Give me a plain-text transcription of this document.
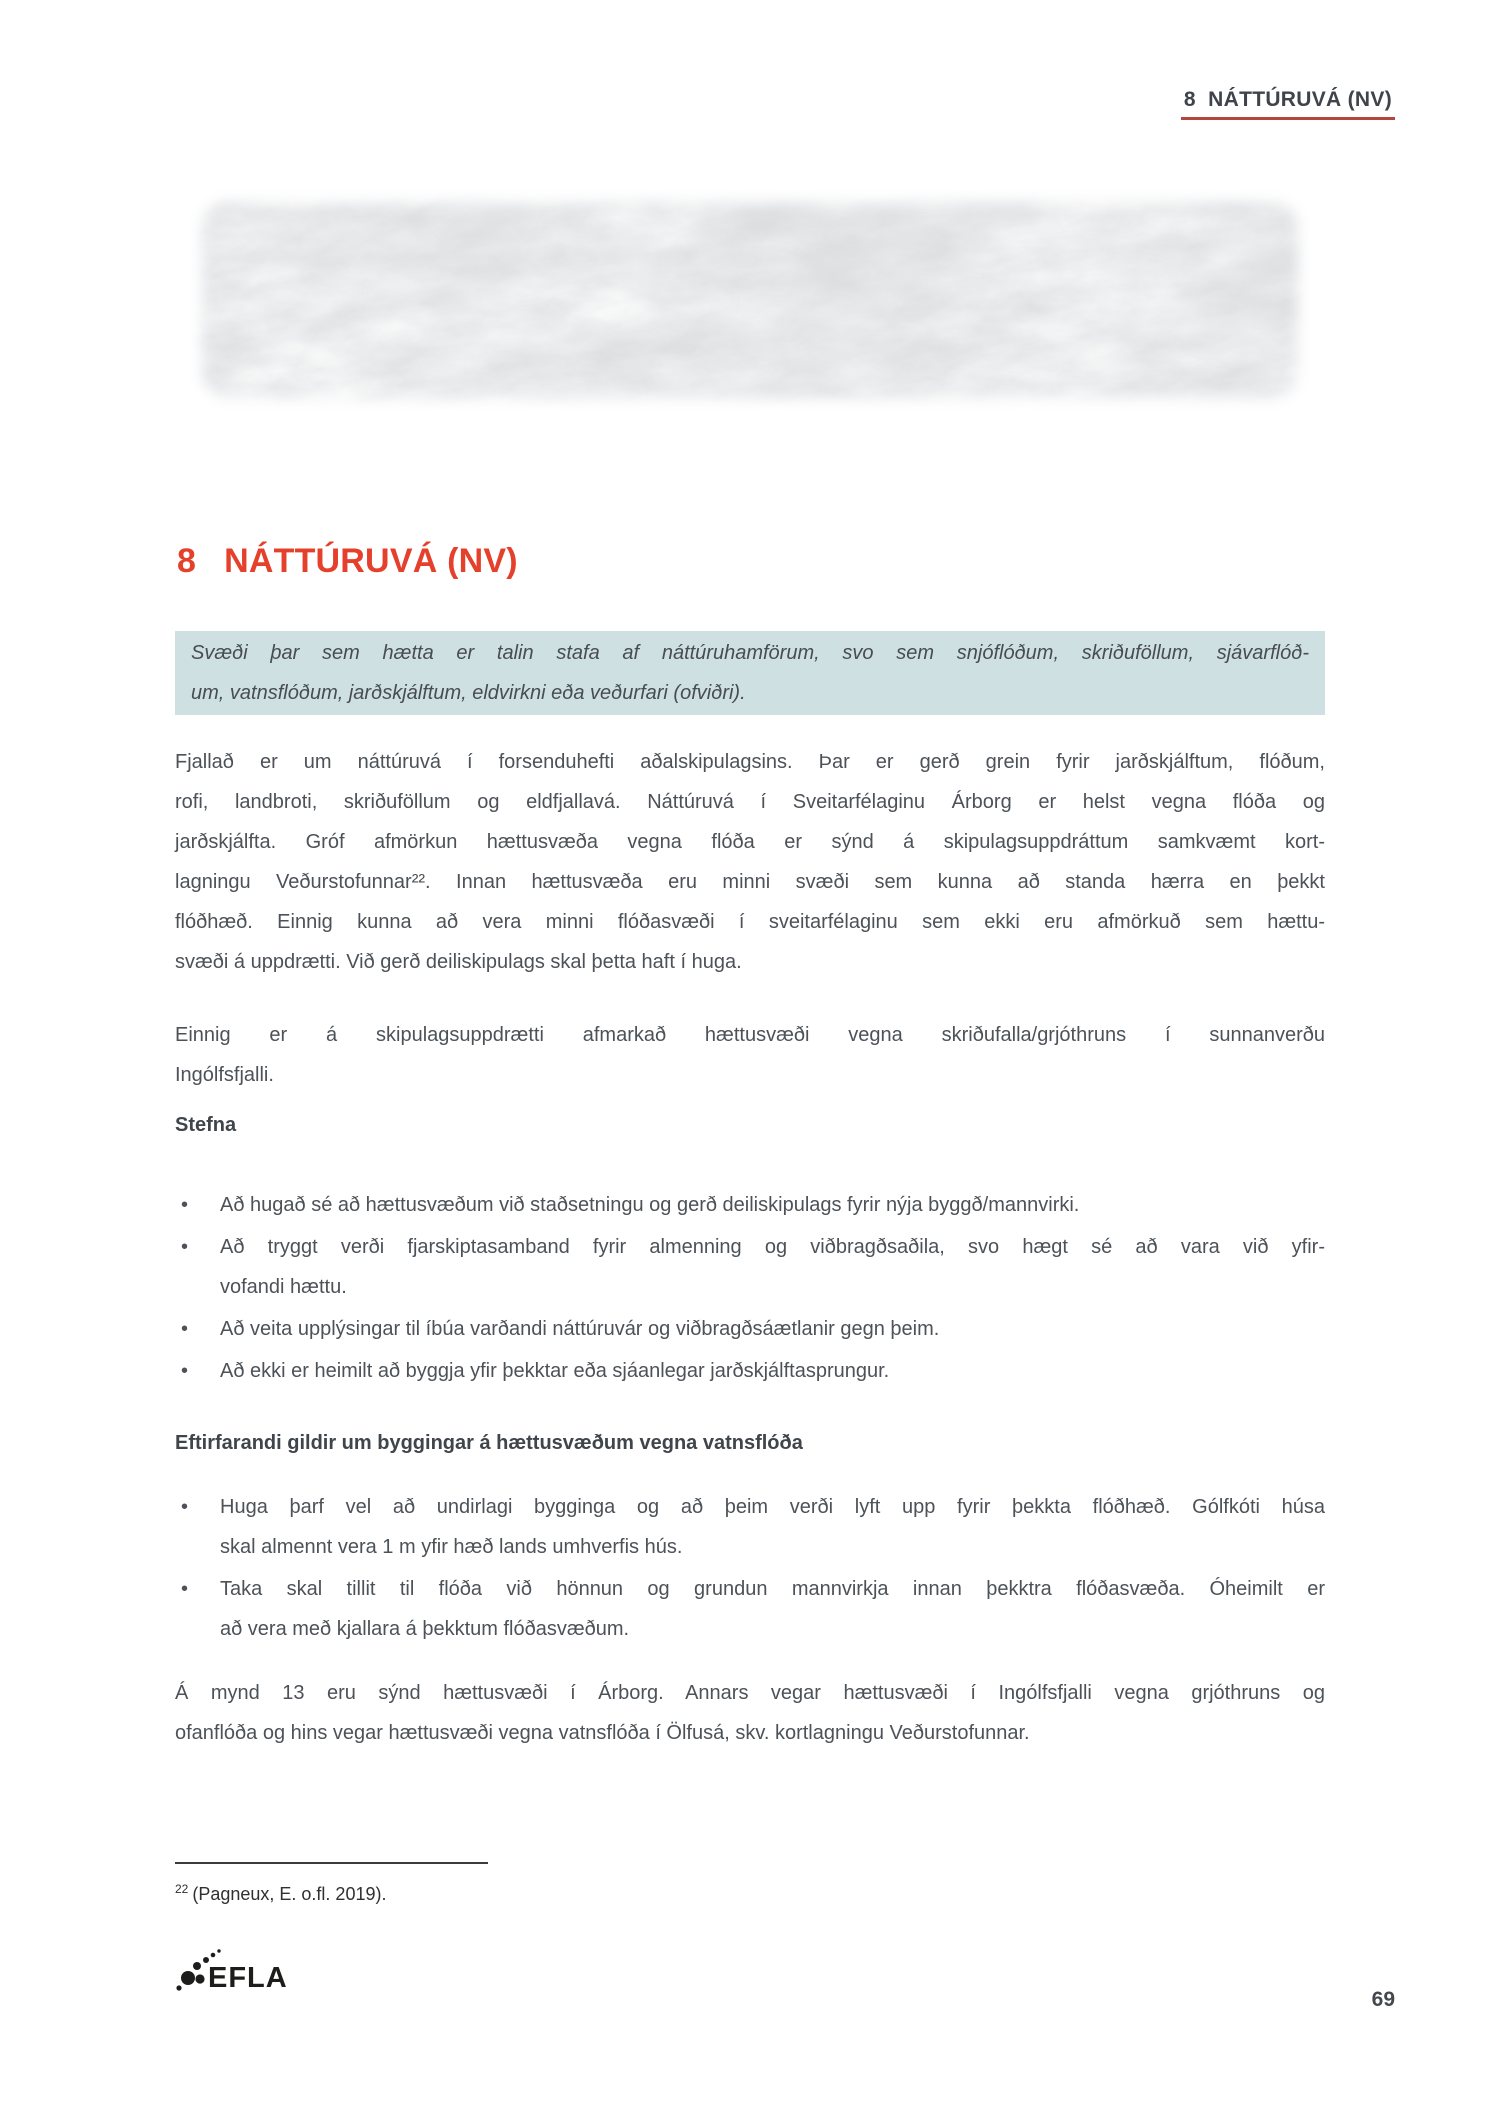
8  NÁTTÚRUVÁ (NV)
8 NÁTTÚRUVÁ (NV)
Svæði þar sem hætta er talin stafa af náttúruhamförum, svo sem snjóflóðum, skriðuföllum, sjávarflóð-
um, vatnsflóðum, jarðskjálftum, eldvirkni eða veðurfari (ofviðri).
Fjallað er um náttúruvá í forsenduhefti aðalskipulagsins. Þar er gerð grein fyrir jarðskjálftum, flóðum,
rofi, landbroti, skriðuföllum og eldfjallavá. Náttúruvá í Sveitarfélaginu Árborg er helst vegna flóða og
jarðskjálfta. Gróf afmörkun hættusvæða vegna flóða er sýnd á skipulagsuppdráttum samkvæmt kort-
lagningu Veðurstofunnar²². Innan hættusvæða eru minni svæði sem kunna að standa hærra en þekkt
flóðhæð. Einnig kunna að vera minni flóðasvæði í sveitarfélaginu sem ekki eru afmörkuð sem hættu-
svæði á uppdrætti. Við gerð deiliskipulags skal þetta haft í huga.
Einnig er á skipulagsuppdrætti afmarkað hættusvæði vegna skriðufalla/grjóthruns í sunnanverðu
Ingólfsfjalli.
Stefna
•	Að hugað sé að hættusvæðum við staðsetningu og gerð deiliskipulags fyrir nýja byggð/mannvirki.
•	Að tryggt verði fjarskiptasamband fyrir almenning og viðbragðsaðila, svo hægt sé að vara við yfir-
vofandi hættu.
•	Að veita upplýsingar til íbúa varðandi náttúruvár og viðbragðsáætlanir gegn þeim.
•	Að ekki er heimilt að byggja yfir þekktar eða sjáanlegar jarðskjálftasprungur.
Eftirfarandi gildir um byggingar á hættusvæðum vegna vatnsflóða
•	Huga þarf vel að undirlagi bygginga og að þeim verði lyft upp fyrir þekkta flóðhæð. Gólfkóti húsa
skal almennt vera 1 m yfir hæð lands umhverfis hús.
•	Taka skal tillit til flóða við hönnun og grundun mannvirkja innan þekktra flóðasvæða. Óheimilt er
að vera með kjallara á þekktum flóðasvæðum.
Á mynd 13 eru sýnd hættusvæði í Árborg. Annars vegar hættusvæði í Ingólfsfjalli vegna grjóthruns og
ofanflóða og hins vegar hættusvæði vegna vatnsflóða í Ölfusá, skv. kortlagningu Veðurstofunnar.
$^{22}$ (Pagneux, E. o.fl. 2019).
EFLA
69
